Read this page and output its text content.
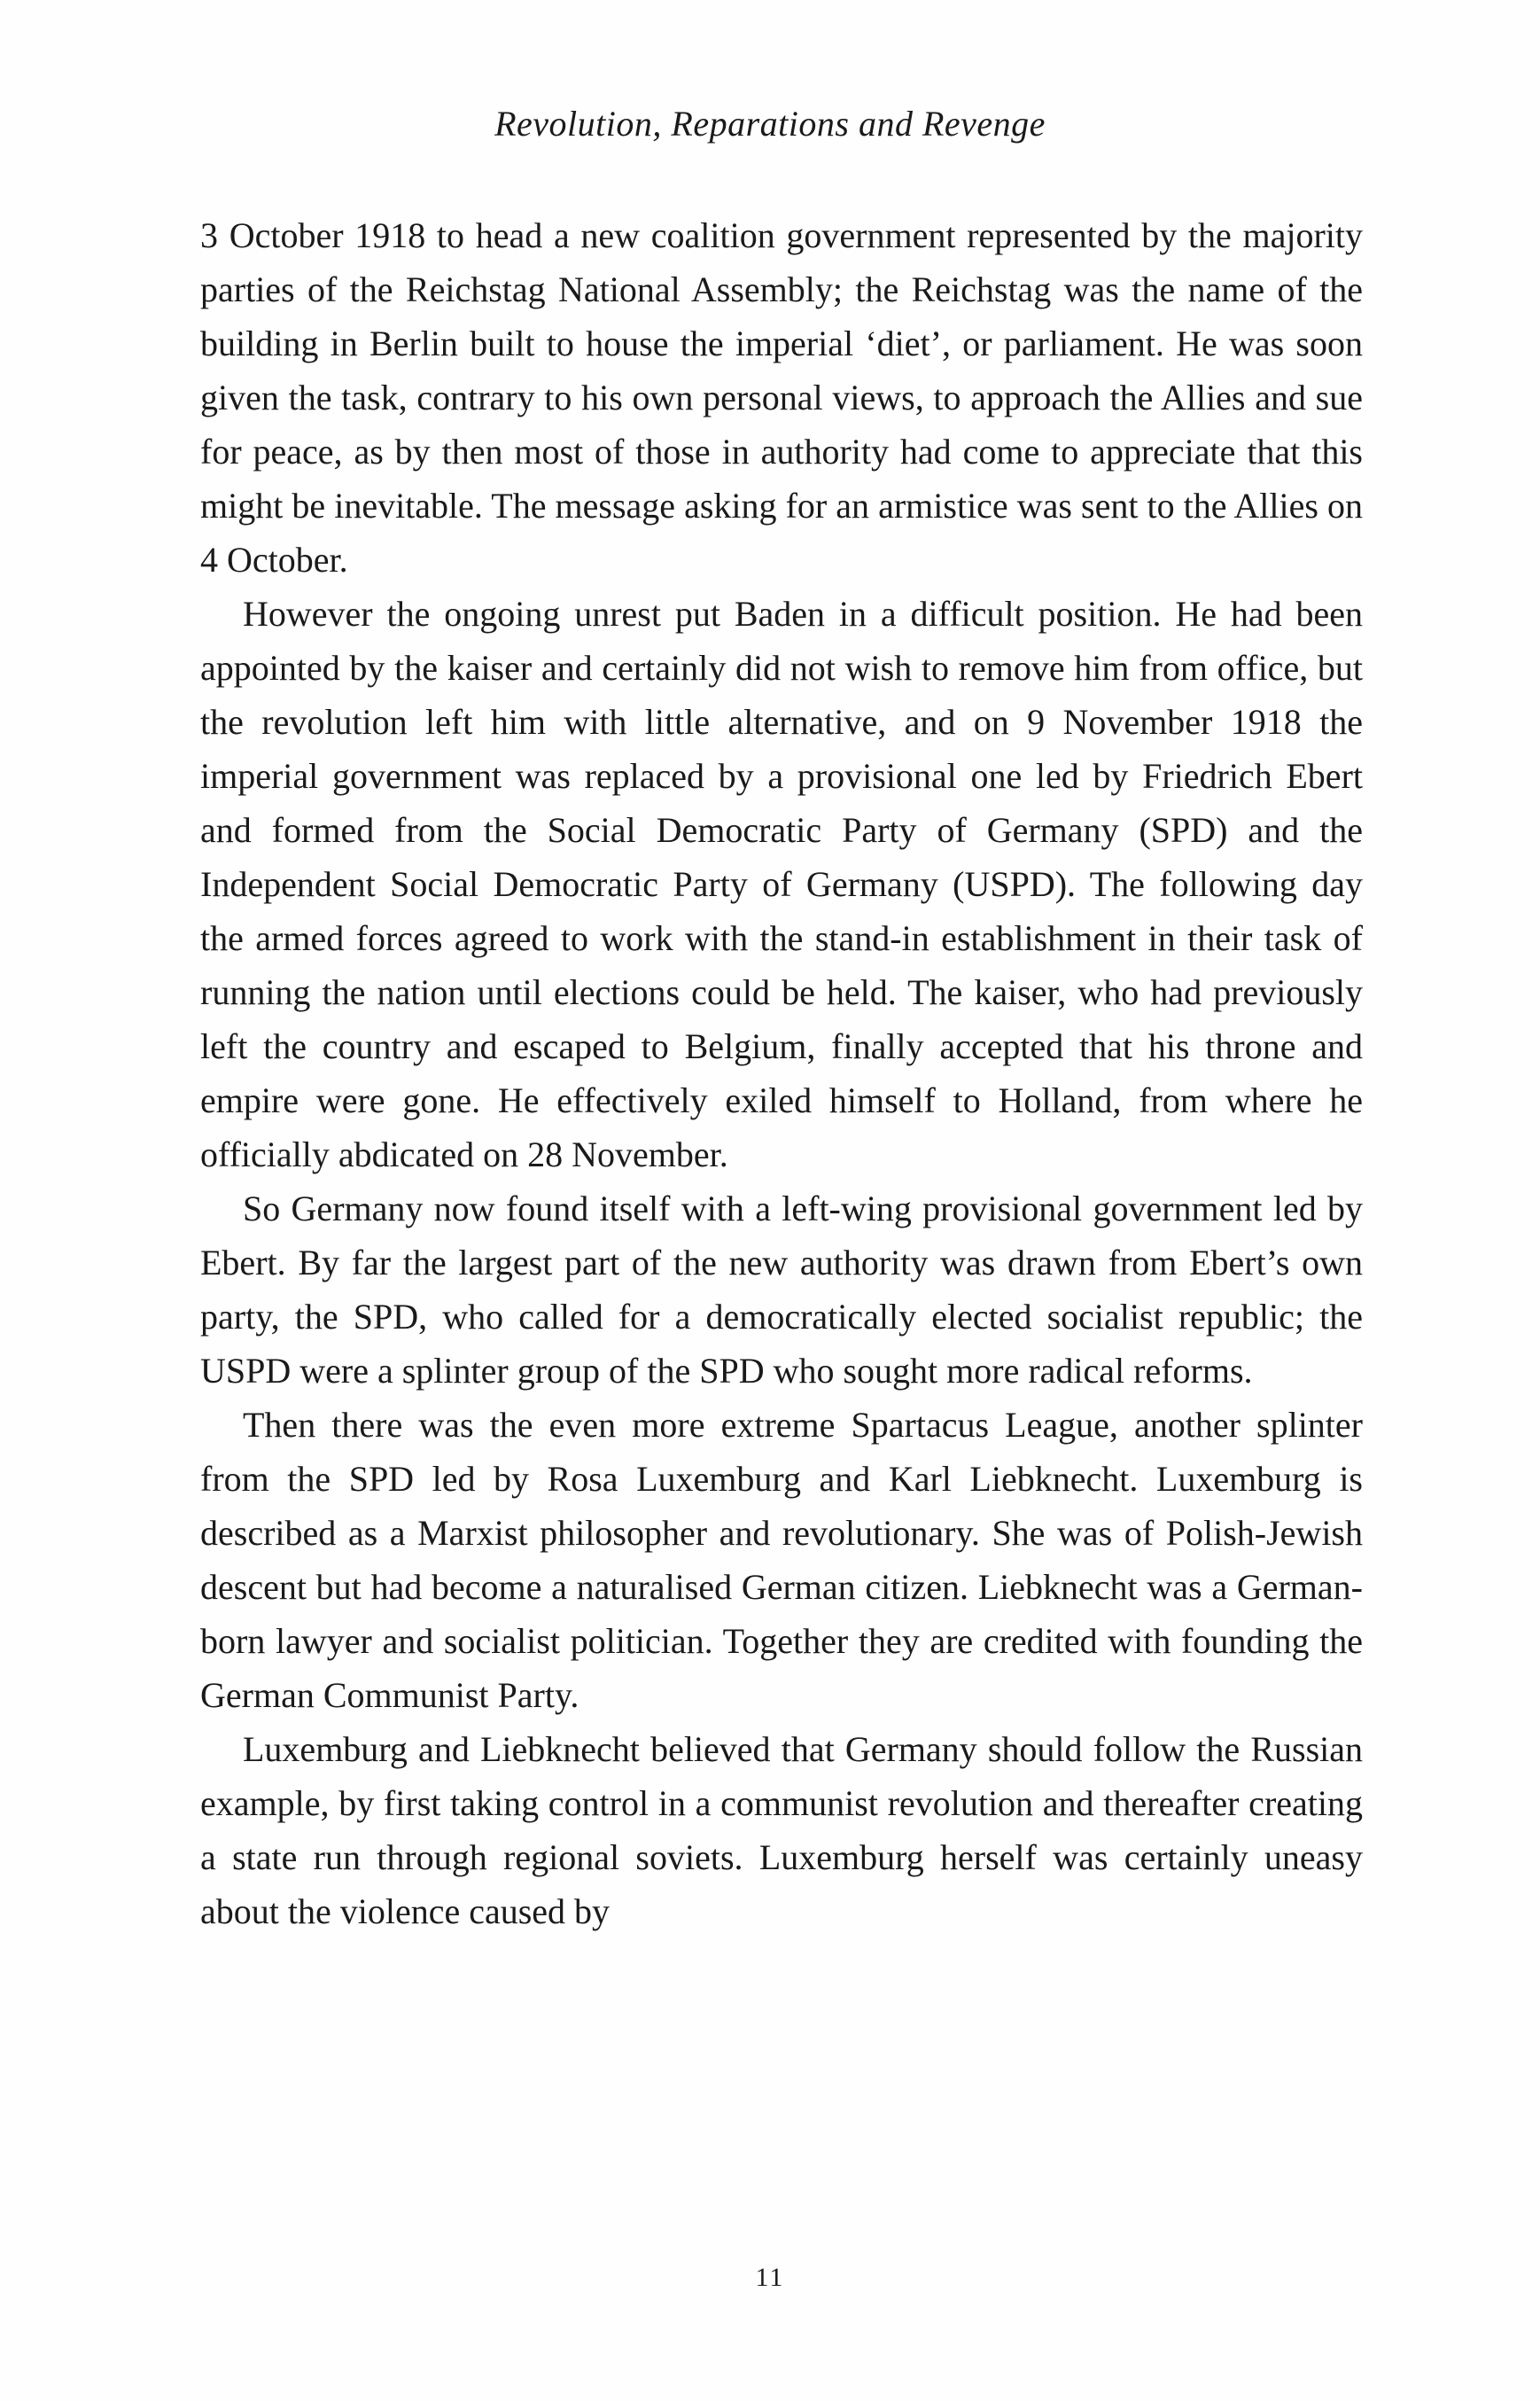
Revolution, Reparations and Revenge

3 October 1918 to head a new coalition government represented by the majority parties of the Reichstag National Assembly; the Reichstag was the name of the building in Berlin built to house the imperial ‘diet’, or parliament. He was soon given the task, contrary to his own personal views, to approach the Allies and sue for peace, as by then most of those in authority had come to appreciate that this might be inevitable. The message asking for an armistice was sent to the Allies on 4 October.

However the ongoing unrest put Baden in a difficult position. He had been appointed by the kaiser and certainly did not wish to remove him from office, but the revolution left him with little alternative, and on 9 November 1918 the imperial government was replaced by a provisional one led by Friedrich Ebert and formed from the Social Democratic Party of Germany (SPD) and the Independent Social Democratic Party of Germany (USPD). The following day the armed forces agreed to work with the stand-in establishment in their task of running the nation until elections could be held. The kaiser, who had previously left the country and escaped to Belgium, finally accepted that his throne and empire were gone. He effectively exiled himself to Holland, from where he officially abdicated on 28 November.

So Germany now found itself with a left-wing provisional government led by Ebert. By far the largest part of the new authority was drawn from Ebert’s own party, the SPD, who called for a democratically elected socialist republic; the USPD were a splinter group of the SPD who sought more radical reforms.

Then there was the even more extreme Spartacus League, another splinter from the SPD led by Rosa Luxemburg and Karl Liebknecht. Luxemburg is described as a Marxist philosopher and revolutionary. She was of Polish-Jewish descent but had become a naturalised German citizen. Liebknecht was a German-born lawyer and socialist politician. Together they are credited with founding the German Communist Party.

Luxemburg and Liebknecht believed that Germany should follow the Russian example, by first taking control in a communist revolution and thereafter creating a state run through regional soviets. Luxemburg herself was certainly uneasy about the violence caused by

11
